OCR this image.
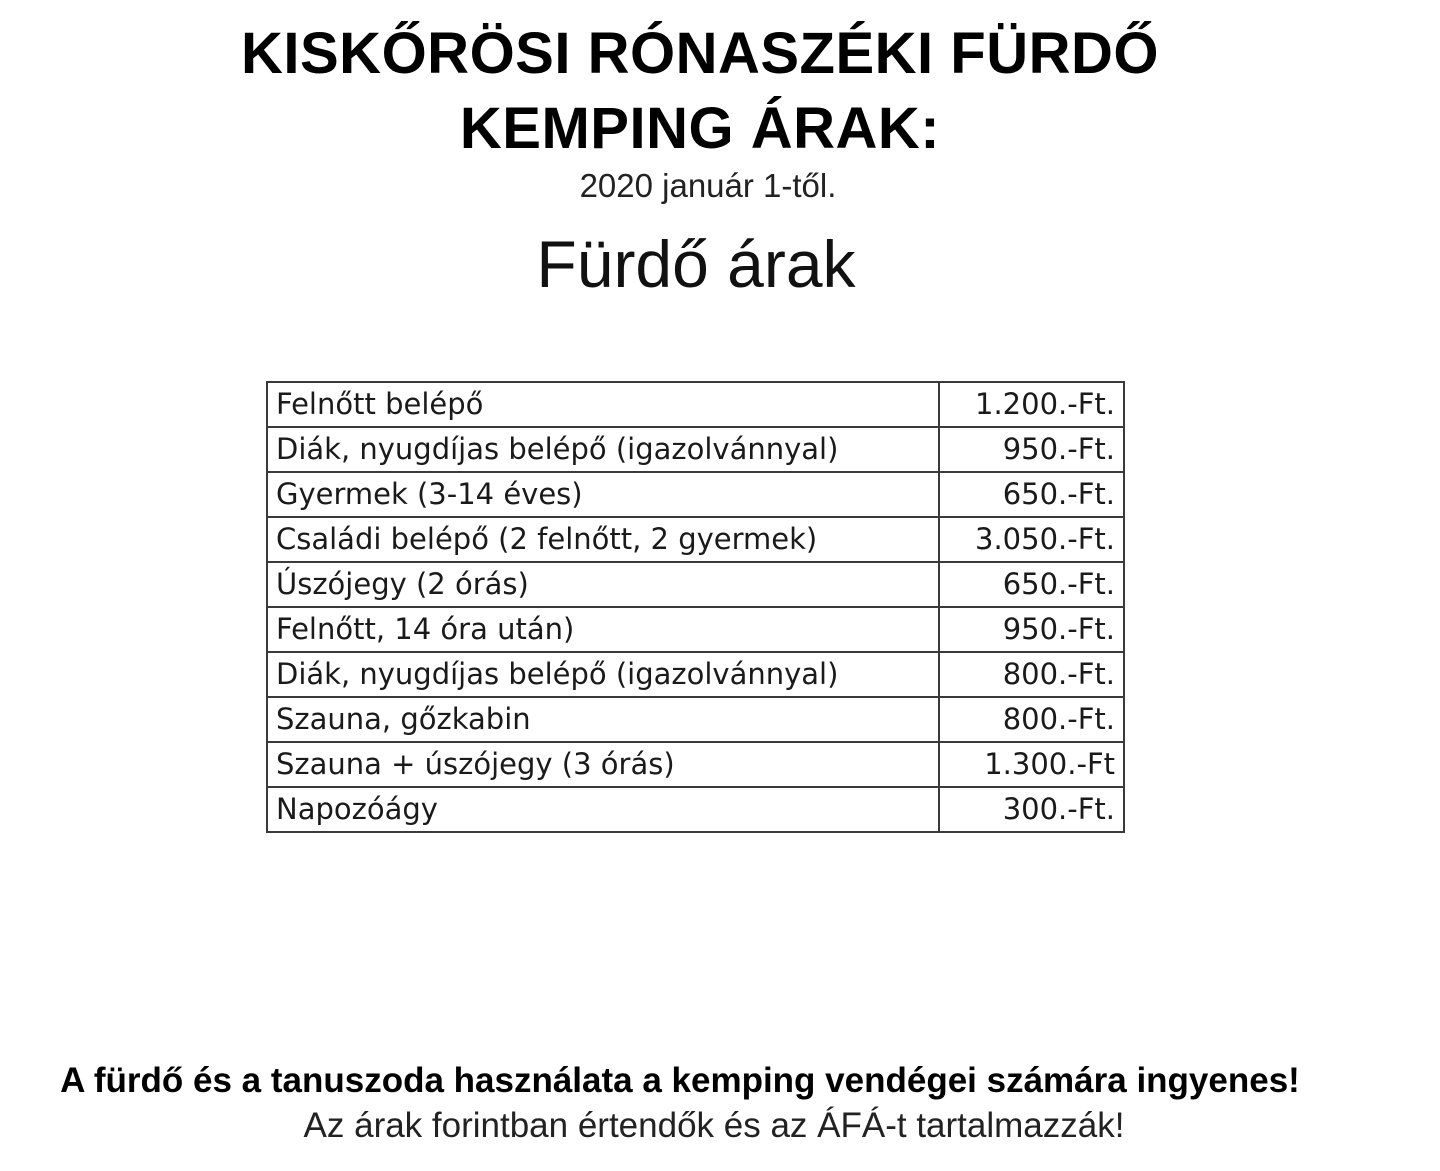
KISKŐRÖSI RÓNASZÉKI FÜRDŐ
KEMPING ÁRAK:
2020 január 1-től.
Fürdő árak
Felnőtt belépő	1.200.-Ft.
Diák, nyugdíjas belépő (igazolvánnyal)	950.-Ft.
Gyermek (3-14 éves)	650.-Ft.
Családi belépő (2 felnőtt, 2 gyermek)	3.050.-Ft.
Úszójegy (2 órás)	650.-Ft.
Felnőtt, 14 óra után)	950.-Ft.
Diák, nyugdíjas belépő (igazolvánnyal)	800.-Ft.
Szauna, gőzkabin	800.-Ft.
Szauna + úszójegy (3 órás)	1.300.-Ft
Napozóágy	300.-Ft.
A fürdő és a tanuszoda használata a kemping vendégei számára ingyenes!
Az árak forintban értendők és az ÁFÁ-t tartalmazzák!
